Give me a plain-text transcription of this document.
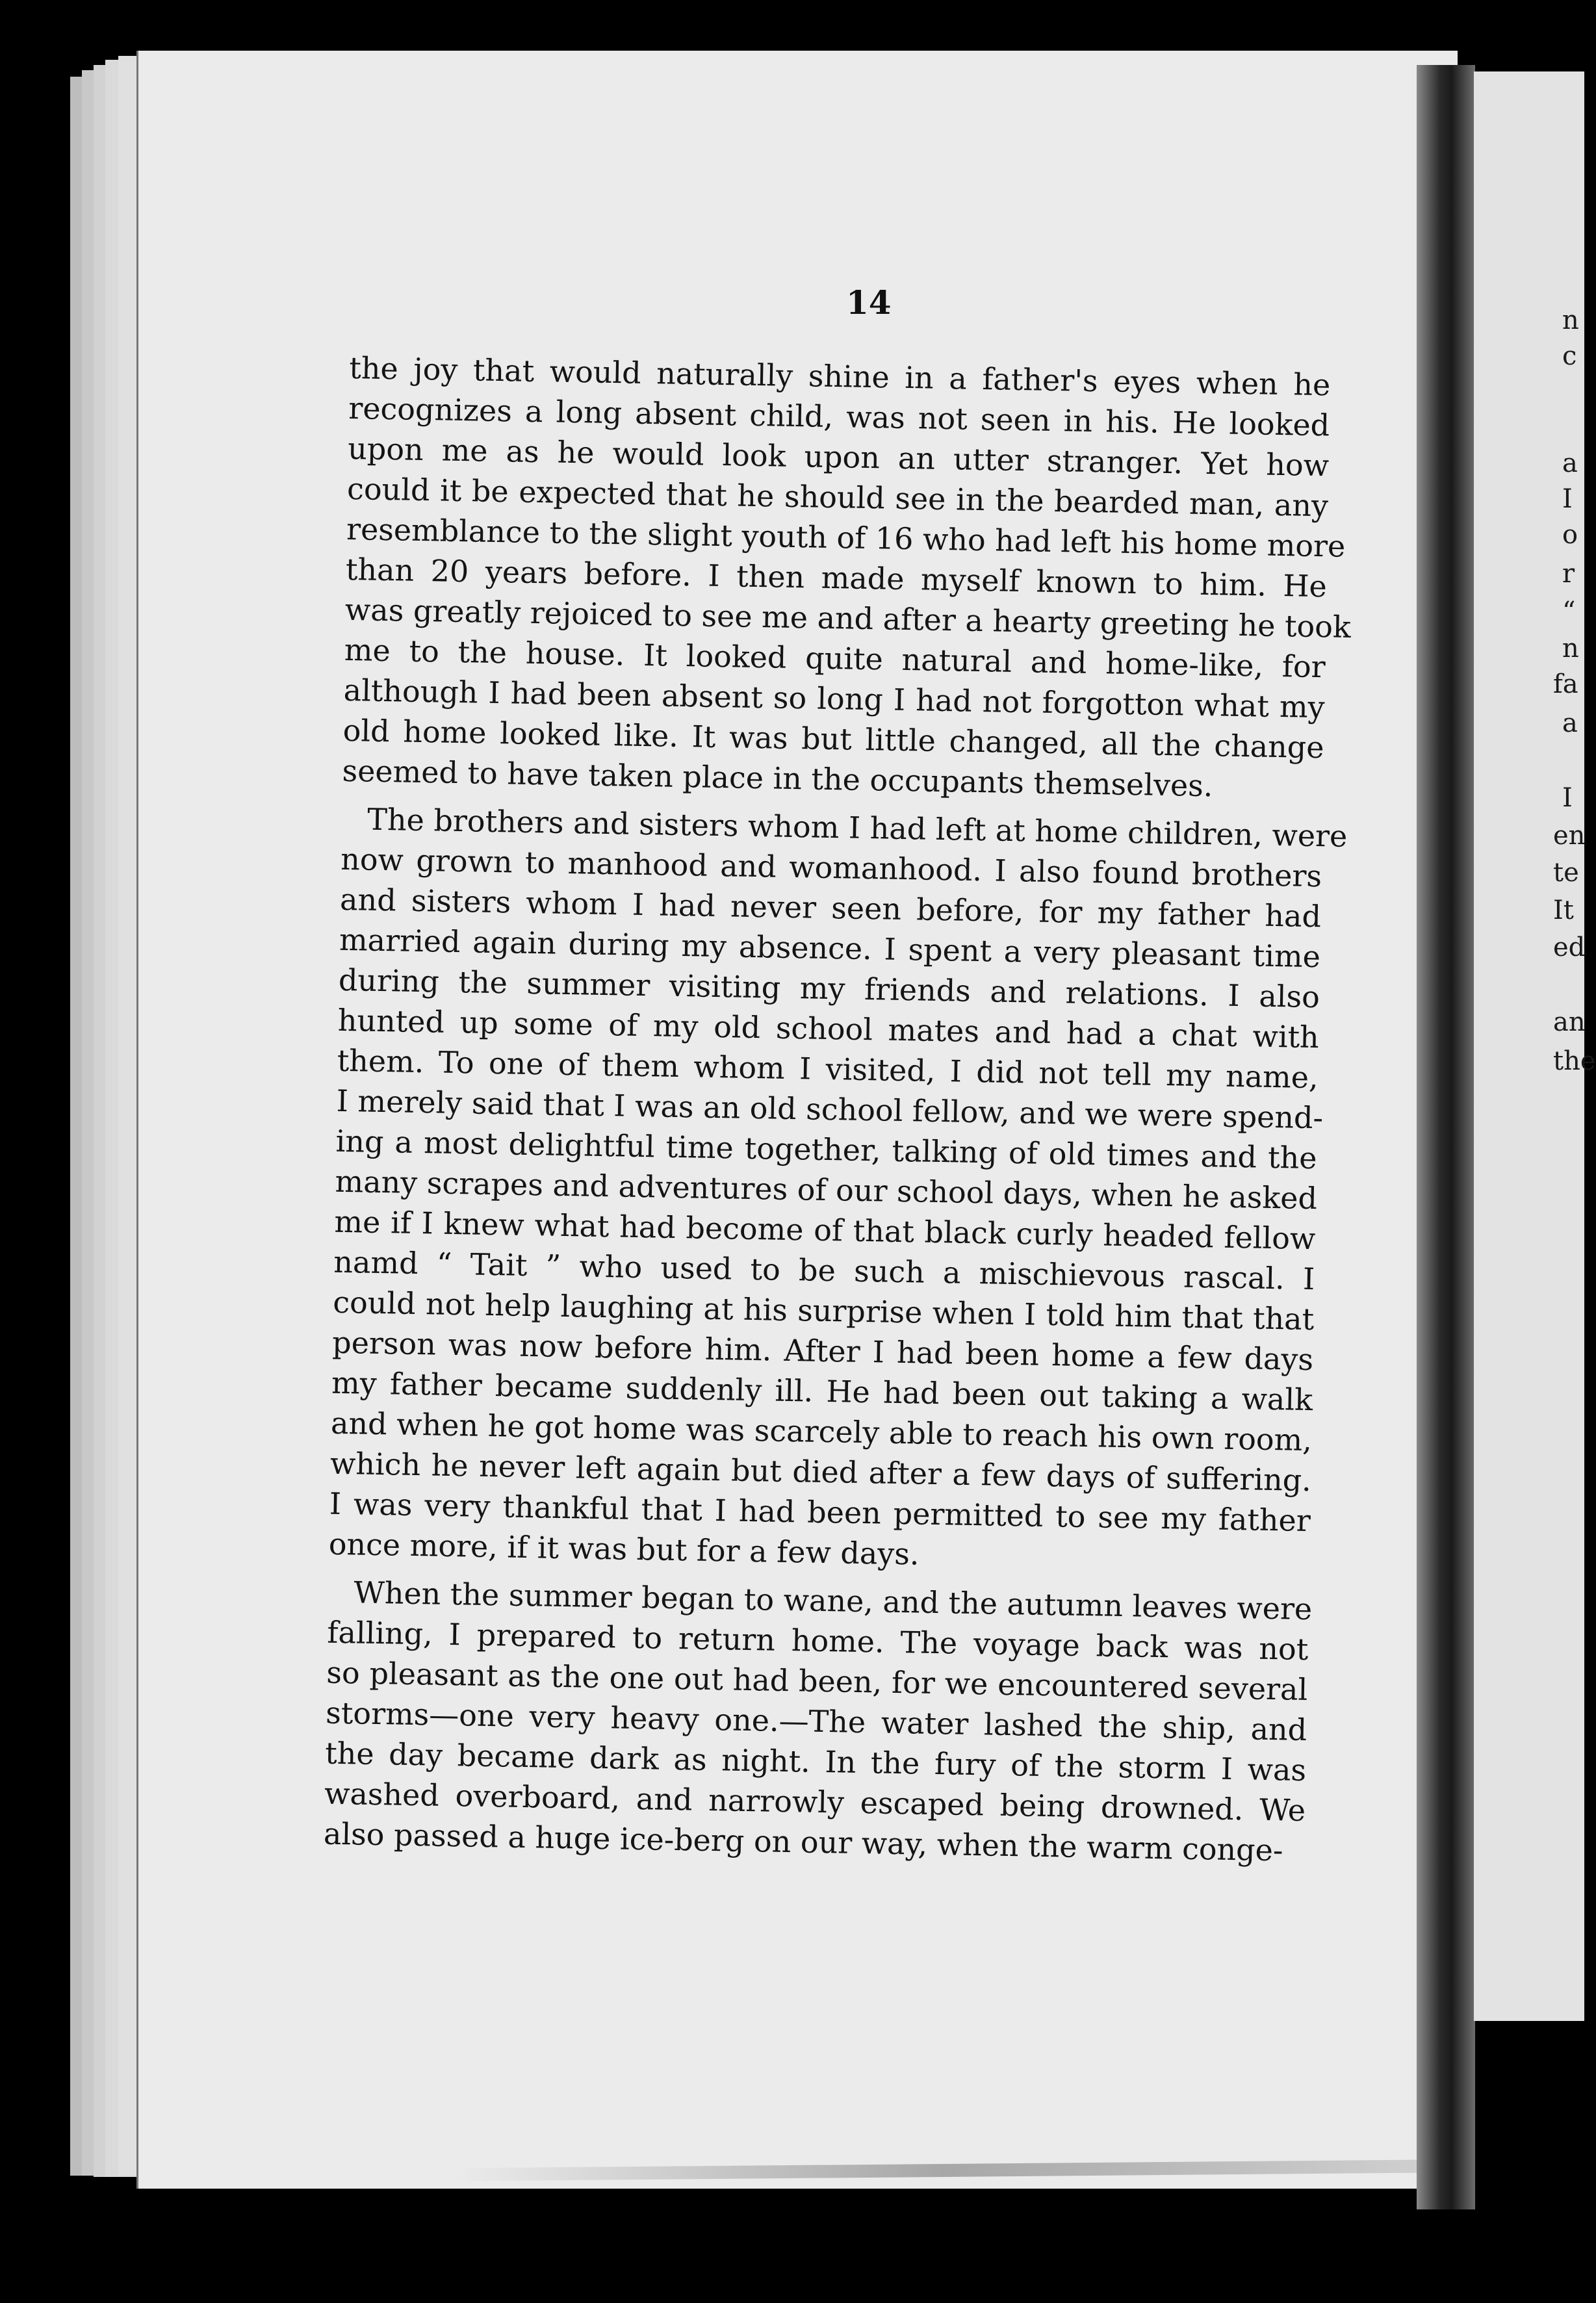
14
the joy that would naturally shine in a father's eyes when he
recognizes a long absent child, was not seen in his. He looked
upon me as he would look upon an utter stranger. Yet how
could it be expected that he should see in the bearded man, any
resemblance to the slight youth of 16 who had left his home more
than 20 years before. I then made myself known to him. He
was greatly rejoiced to see me and after a hearty greeting he took
me to the house. It looked quite natural and home-like, for
although I had been absent so long I had not forgotton what my
old home looked like. It was but little changed, all the change
seemed to have taken place in the occupants themselves.
The brothers and sisters whom I had left at home children, were
now grown to manhood and womanhood. I also found brothers
and sisters whom I had never seen before, for my father had
married again during my absence. I spent a very pleasant time
during the summer visiting my friends and relations. I also
hunted up some of my old school mates and had a chat with
them. To one of them whom I visited, I did not tell my name,
I merely said that I was an old school fellow, and we were spend-
ing a most delightful time together, talking of old times and the
many scrapes and adventures of our school days, when he asked
me if I knew what had become of that black curly headed fellow
namd “ Tait ” who used to be such a mischievous rascal. I
could not help laughing at his surprise when I told him that that
person was now before him. After I had been home a few days
my father became suddenly ill. He had been out taking a walk
and when he got home was scarcely able to reach his own room,
which he never left again but died after a few days of suffering.
I was very thankful that I had been permitted to see my father
once more, if it was but for a few days.
When the summer began to wane, and the autumn leaves were
falling, I prepared to return home. The voyage back was not
so pleasant as the one out had been, for we encountered several
storms—one very heavy one.—The water lashed the ship, and
the day became dark as night. In the fury of the storm I was
washed overboard, and narrowly escaped being drowned. We
also passed a huge ice-berg on our way, when the warm conge-
n
c
a
I
o
r
“
n
fa
a
I
en
te
It
ed
an
the
